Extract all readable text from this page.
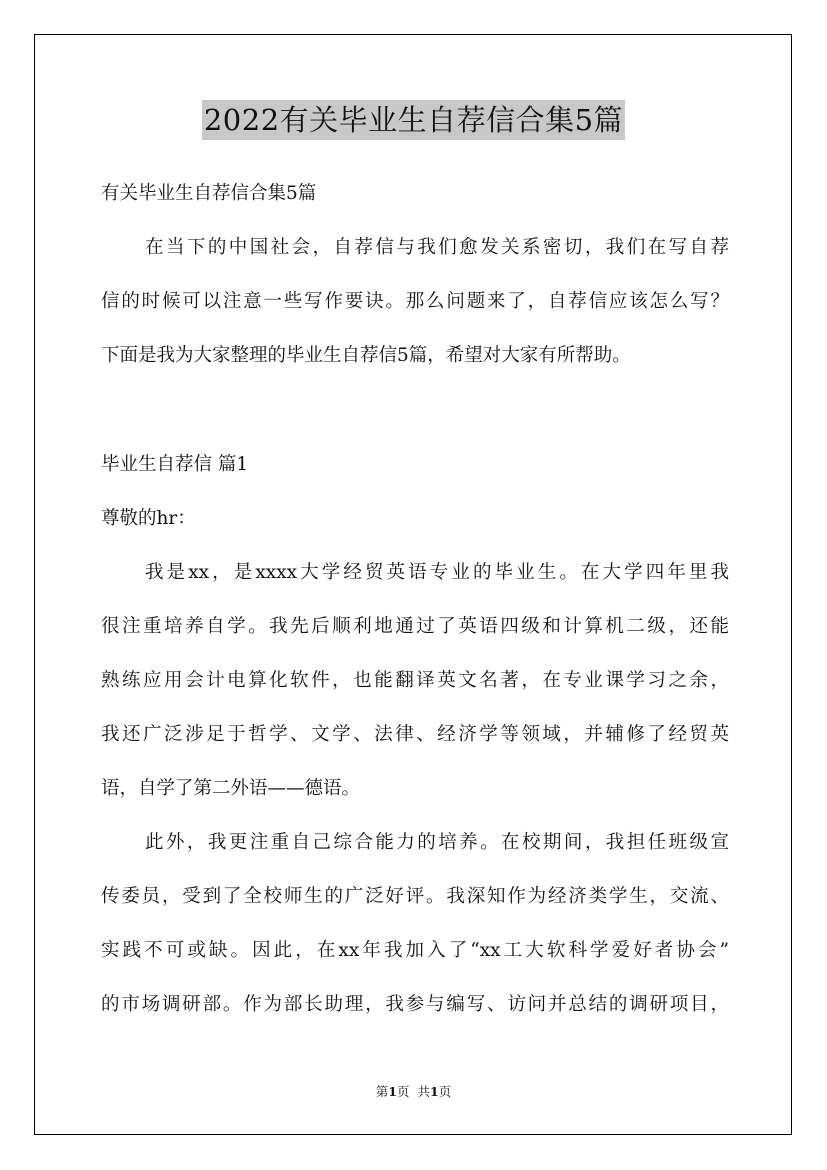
2022有关毕业生自荐信合集5篇
有关毕业生自荐信合集5篇
在当下的中国社会，自荐信与我们愈发关系密切，我们在写自荐
信的时候可以注意一些写作要诀。那么问题来了，自荐信应该怎么写？
下面是我为大家整理的毕业生自荐信5篇，希望对大家有所帮助。
毕业生自荐信 篇1
尊敬的hr：
我是xx，是xxxx大学经贸英语专业的毕业生。在大学四年里我
很注重培养自学。我先后顺利地通过了英语四级和计算机二级，还能
熟练应用会计电算化软件，也能翻译英文名著，在专业课学习之余，
我还广泛涉足于哲学、文学、法律、经济学等领域，并辅修了经贸英
语，自学了第二外语——德语。
此外，我更注重自己综合能力的培养。在校期间，我担任班级宣
传委员，受到了全校师生的广泛好评。我深知作为经济类学生，交流、
实践不可或缺。因此，在xx年我加入了“xx工大软科学爱好者协会”
的市场调研部。作为部长助理，我参与编写、访问并总结的调研项目，
第1页 共1页
